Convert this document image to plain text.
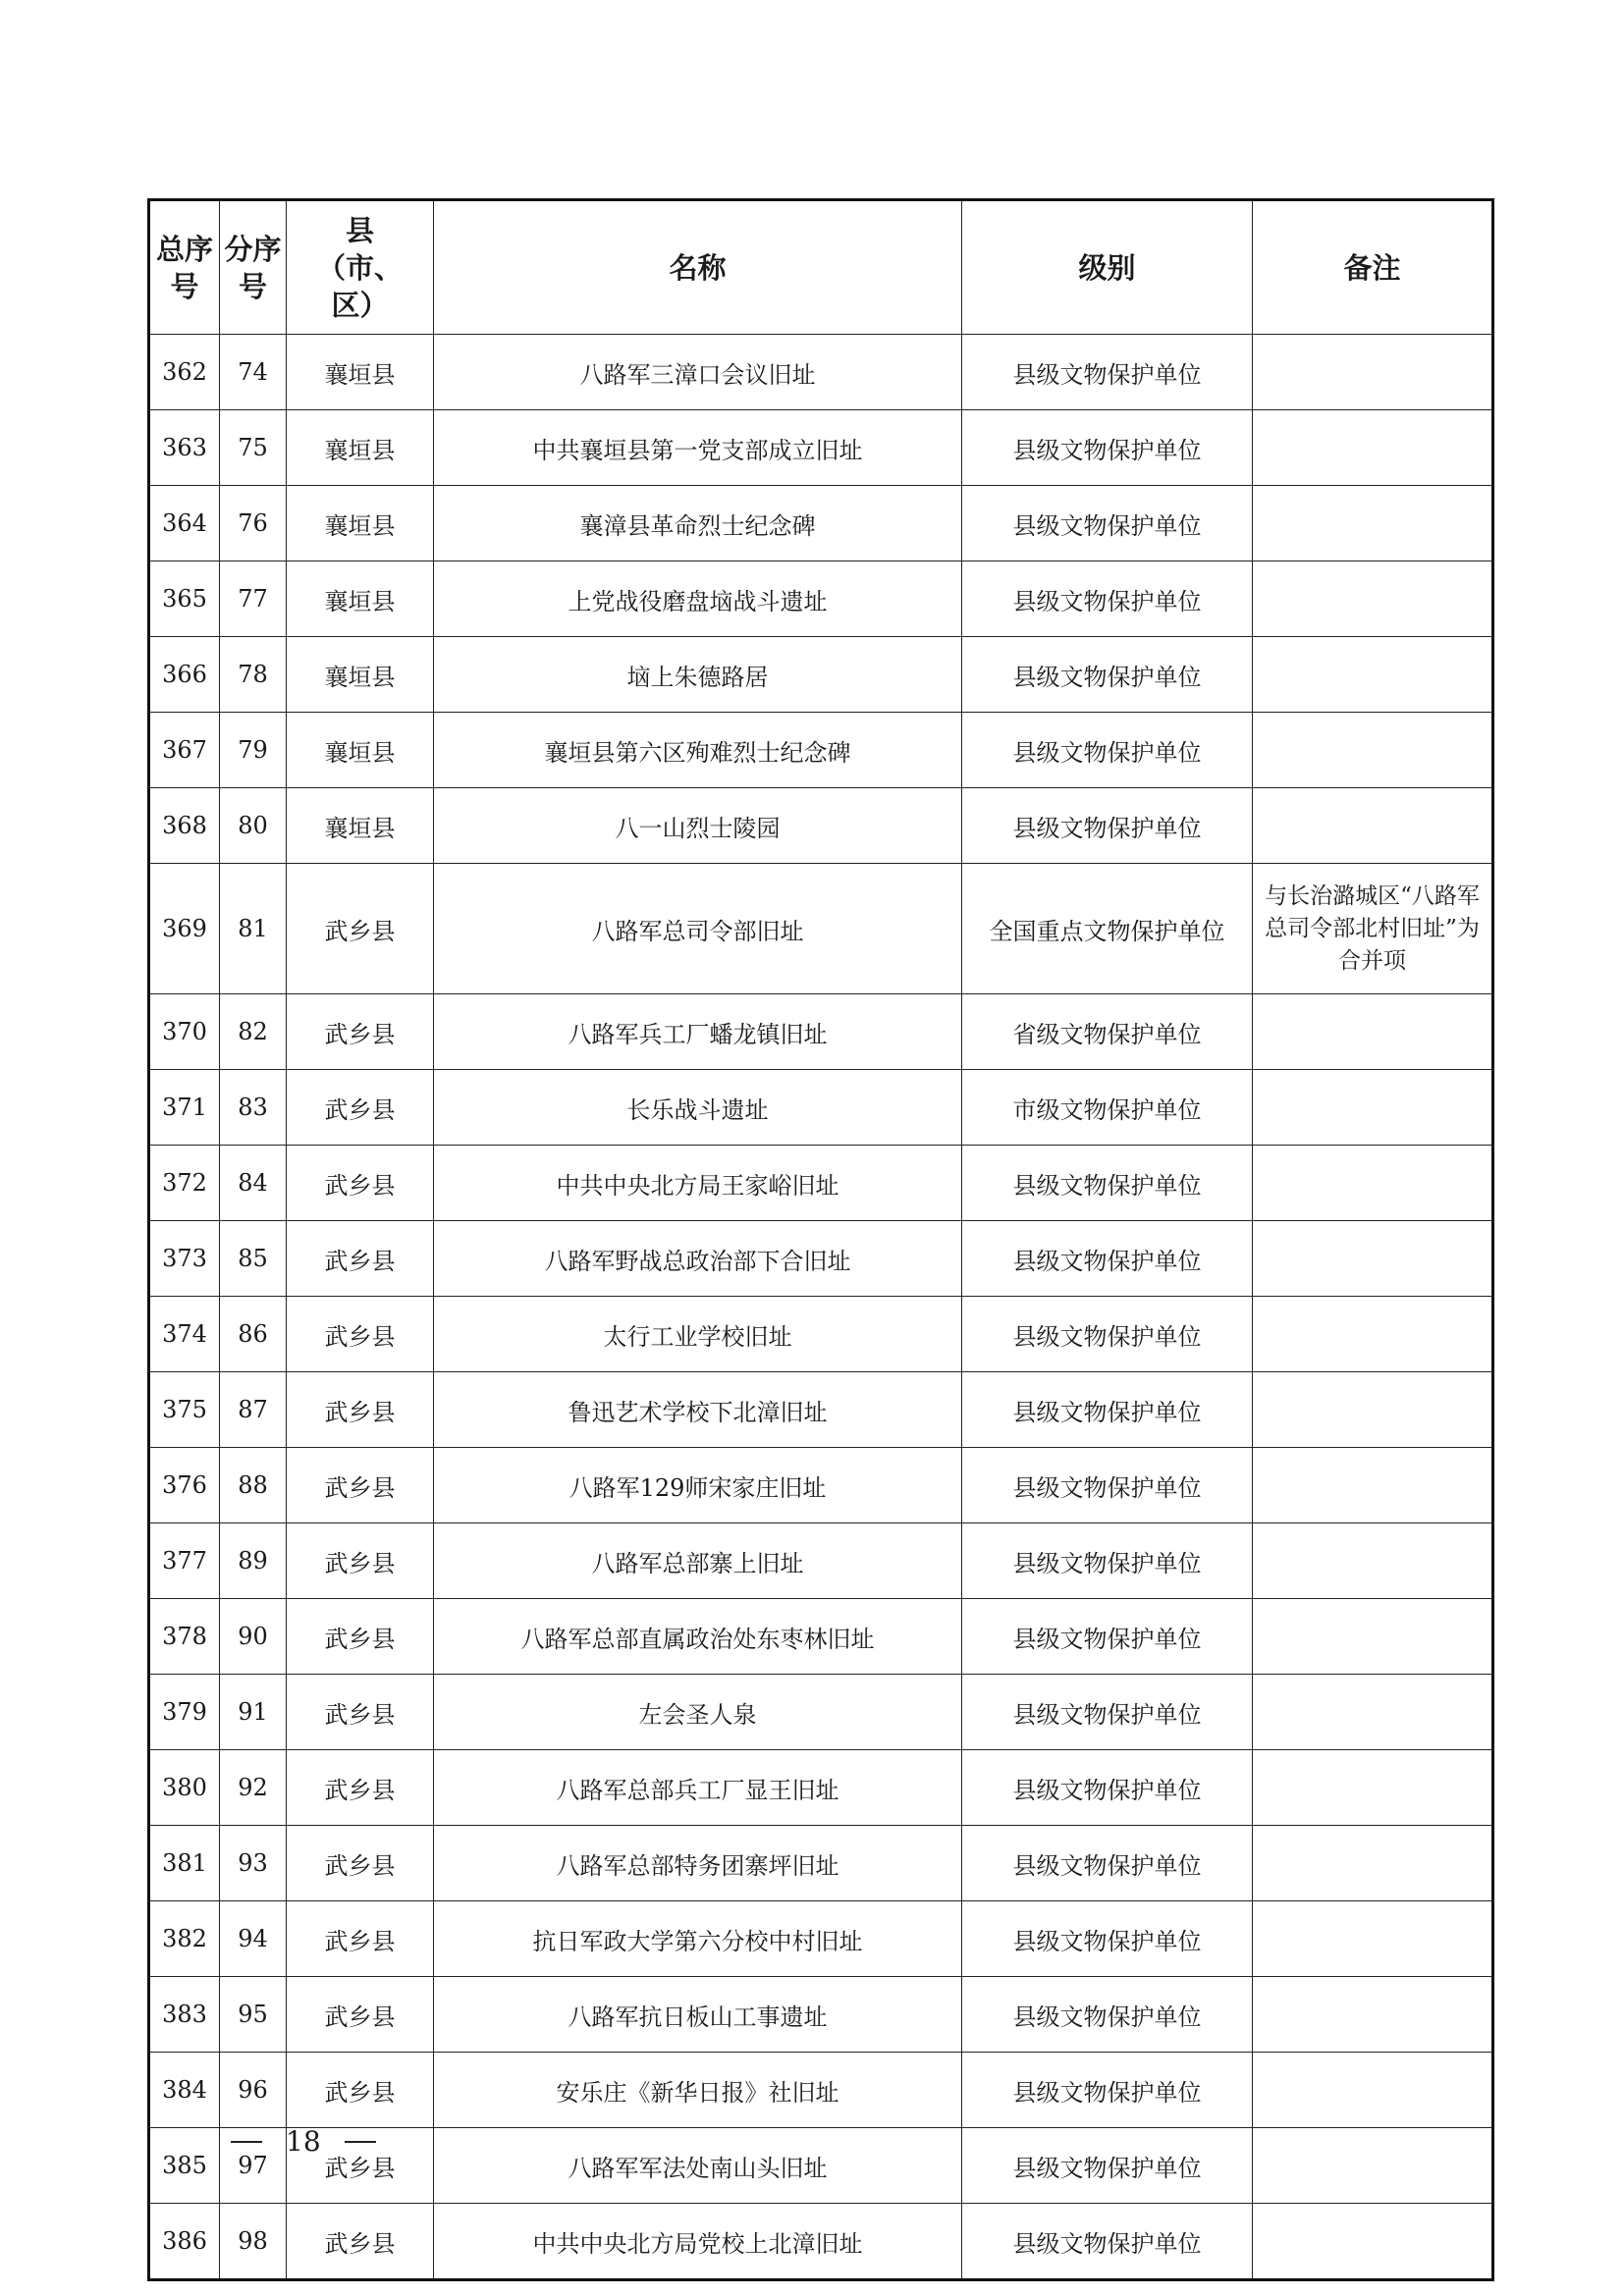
总序号	分序号	县
（市、
区）	名称	级别	备注
362	74	襄垣县	八路军三漳口会议旧址	县级文物保护单位	
363	75	襄垣县	中共襄垣县第一党支部成立旧址	县级文物保护单位	
364	76	襄垣县	襄漳县革命烈士纪念碑	县级文物保护单位	
365	77	襄垣县	上党战役磨盘垴战斗遗址	县级文物保护单位	
366	78	襄垣县	垴上朱德路居	县级文物保护单位	
367	79	襄垣县	襄垣县第六区殉难烈士纪念碑	县级文物保护单位	
368	80	襄垣县	八一山烈士陵园	县级文物保护单位	
369	81	武乡县	八路军总司令部旧址	全国重点文物保护单位	与长治潞城区“八路军总司令部北村旧址”为合并项
370	82	武乡县	八路军兵工厂蟠龙镇旧址	省级文物保护单位	
371	83	武乡县	长乐战斗遗址	市级文物保护单位	
372	84	武乡县	中共中央北方局王家峪旧址	县级文物保护单位	
373	85	武乡县	八路军野战总政治部下合旧址	县级文物保护单位	
374	86	武乡县	太行工业学校旧址	县级文物保护单位	
375	87	武乡县	鲁迅艺术学校下北漳旧址	县级文物保护单位	
376	88	武乡县	八路军129师宋家庄旧址	县级文物保护单位	
377	89	武乡县	八路军总部寨上旧址	县级文物保护单位	
378	90	武乡县	八路军总部直属政治处东枣林旧址	县级文物保护单位	
379	91	武乡县	左会圣人泉	县级文物保护单位	
380	92	武乡县	八路军总部兵工厂显王旧址	县级文物保护单位	
381	93	武乡县	八路军总部特务团寨坪旧址	县级文物保护单位	
382	94	武乡县	抗日军政大学第六分校中村旧址	县级文物保护单位	
383	95	武乡县	八路军抗日板山工事遗址	县级文物保护单位	
384	96	武乡县	安乐庄《新华日报》社旧址	县级文物保护单位	
385	97	武乡县	八路军军法处南山头旧址	县级文物保护单位	
386	98	武乡县	中共中央北方局党校上北漳旧址	县级文物保护单位	
18
